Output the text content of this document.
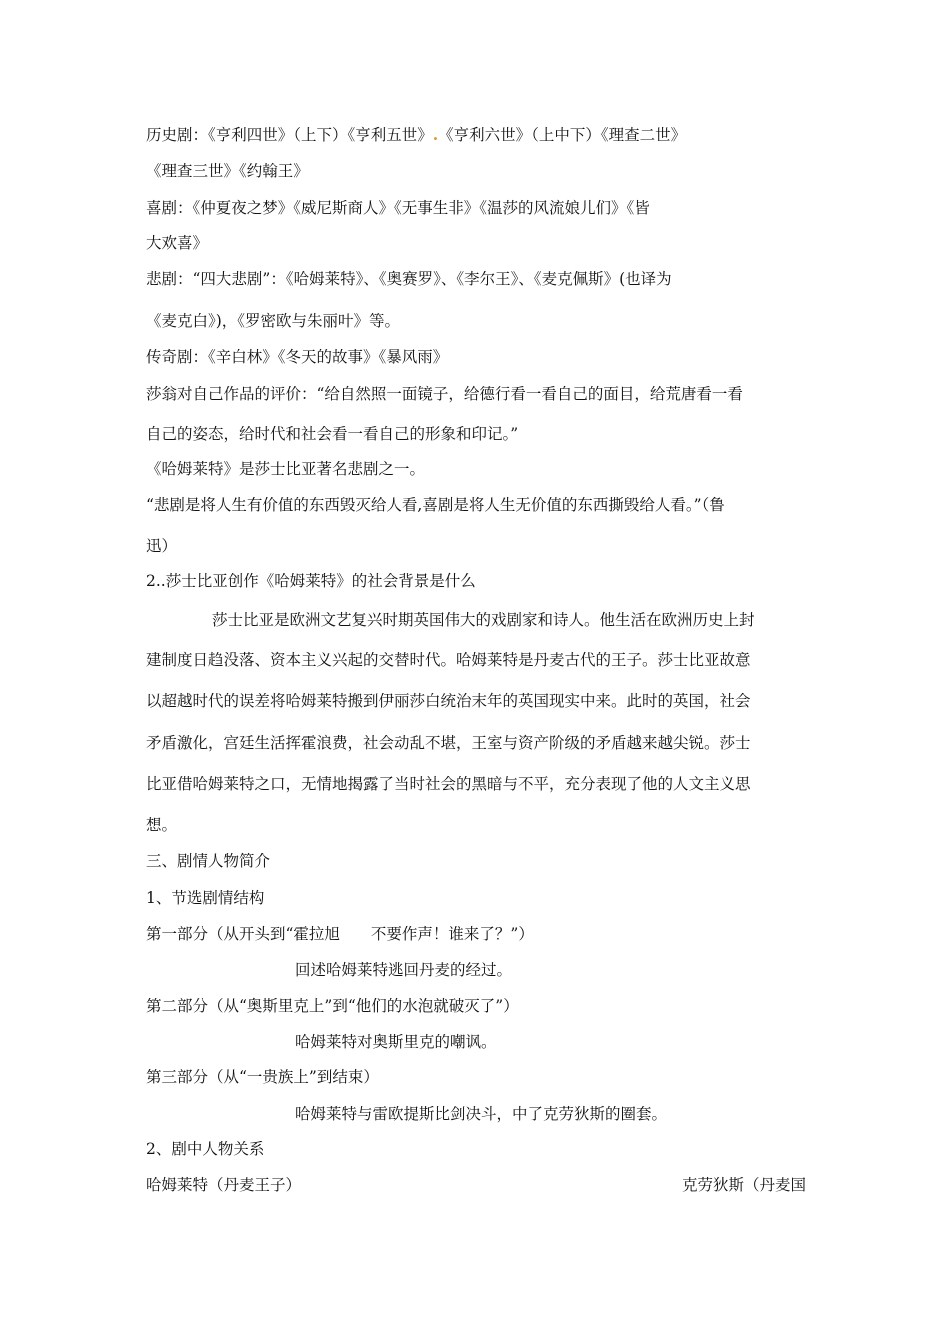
历史剧：《亨利四世》（上下）《亨利五世》.《亨利六世》（上中下）《理查二世》
《理查三世》《约翰王》
喜剧：《仲夏夜之梦》《威尼斯商人》《无事生非》《温莎的风流娘儿们》《皆
大欢喜》
悲剧：“四大悲剧”：《哈姆莱特》、《奥赛罗》、《李尔王》、《麦克佩斯》(也译为
《麦克白》)，《罗密欧与朱丽叶》等。
传奇剧：《辛白林》《冬天的故事》《暴风雨》
莎翁对自己作品的评价：“给自然照一面镜子，给德行看一看自己的面目，给荒唐看一看
自己的姿态，给时代和社会看一看自己的形象和印记。”
《哈姆莱特》是莎士比亚著名悲剧之一。
“悲剧是将人生有价值的东西毁灭给人看,喜剧是将人生无价值的东西撕毁给人看。”（鲁
迅）
2..莎士比亚创作《哈姆莱特》的社会背景是什么
莎士比亚是欧洲文艺复兴时期英国伟大的戏剧家和诗人。他生活在欧洲历史上封
建制度日趋没落、资本主义兴起的交替时代。哈姆莱特是丹麦古代的王子。莎士比亚故意
以超越时代的误差将哈姆莱特搬到伊丽莎白统治末年的英国现实中来。此时的英国，社会
矛盾激化，宫廷生活挥霍浪费，社会动乱不堪，王室与资产阶级的矛盾越来越尖锐。莎士
比亚借哈姆莱特之口，无情地揭露了当时社会的黑暗与不平，充分表现了他的人文主义思
想。
三、剧情人物简介
1、节选剧情结构
第一部分（从开头到“霍拉旭　　不要作声！谁来了？”）
回述哈姆莱特逃回丹麦的经过。
第二部分（从“奥斯里克上”到“他们的水泡就破灭了”）
哈姆莱特对奥斯里克的嘲讽。
第三部分（从“一贵族上”到结束）
哈姆莱特与雷欧提斯比剑决斗，中了克劳狄斯的圈套。
2、剧中人物关系
哈姆莱特（丹麦王子）	克劳狄斯（丹麦国
